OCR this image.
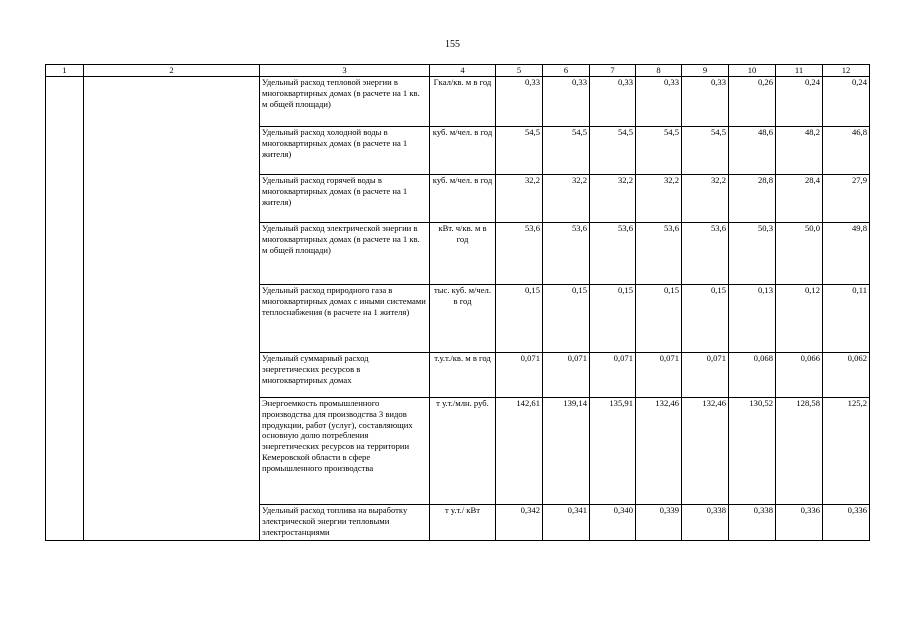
155
1	2	3	4	5	6	7	8	9	10	11	12
		Удельный расход тепловой энергии в многоквартирных домах (в расчете на 1 кв. м общей площади)	Гкал/кв. м в год	0,33	0,33	0,33	0,33	0,33	0,26	0,24	0,24
		Удельный расход холодной воды в многоквартирных домах (в расчете на 1 жителя)	куб. м/чел. в год	54,5	54,5	54,5	54,5	54,5	48,6	48,2	46,8
		Удельный расход горячей воды в многоквартирных домах (в расчете на 1 жителя)	куб. м/чел. в год	32,2	32,2	32,2	32,2	32,2	28,8	28,4	27,9
		Удельный расход электрической энергии в многоквартирных домах (в расчете на 1 кв. м общей площади)	кВт. ч/кв. м в год	53,6	53,6	53,6	53,6	53,6	50,3	50,0	49,8
		Удельный расход природного газа в многоквартирных домах с иными системами теплоснабжения (в расчете на 1 жителя)	тыс. куб. м/чел. в год	0,15	0,15	0,15	0,15	0,15	0,13	0,12	0,11
		Удельный суммарный расход энергетических ресурсов в многоквартирных домах	т.у.т./кв. м в год	0,071	0,071	0,071	0,071	0,071	0,068	0,066	0,062
		Энергоемкость промышленного производства для производства 3 видов продукции, работ (услуг), составляющих основную долю потребления энергетических ресурсов на территории Кемеровской области в сфере промышленного производства	т у.т./млн. руб.	142,61	139,14	135,91	132,46	132,46	130,52	128,58	125,2
		Удельный расход топлива на выработку электрической энергии тепловыми электростанциями	т у.т./ кВт	0,342	0,341	0,340	0,339	0,338	0,338	0,336	0,336
